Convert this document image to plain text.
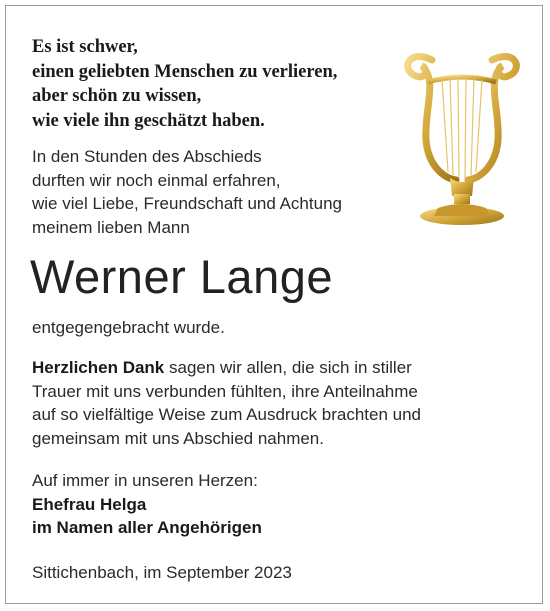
Es ist schwer,
einen geliebten Menschen zu verlieren,
aber schön zu wissen,
wie viele ihn geschätzt haben.
In den Stunden des Abschieds
durften wir noch einmal erfahren,
wie viel Liebe, Freundschaft und Achtung
meinem lieben Mann
Werner Lange
entgegengebracht wurde.
Herzlichen Dank sagen wir allen, die sich in stiller
Trauer mit uns verbunden fühlten, ihre Anteilnahme
auf so vielfältige Weise zum Ausdruck brachten und
gemeinsam mit uns Abschied nahmen.
Auf immer in unseren Herzen:
Ehefrau Helga
im Namen aller Angehörigen
Sittichenbach, im September 2023
